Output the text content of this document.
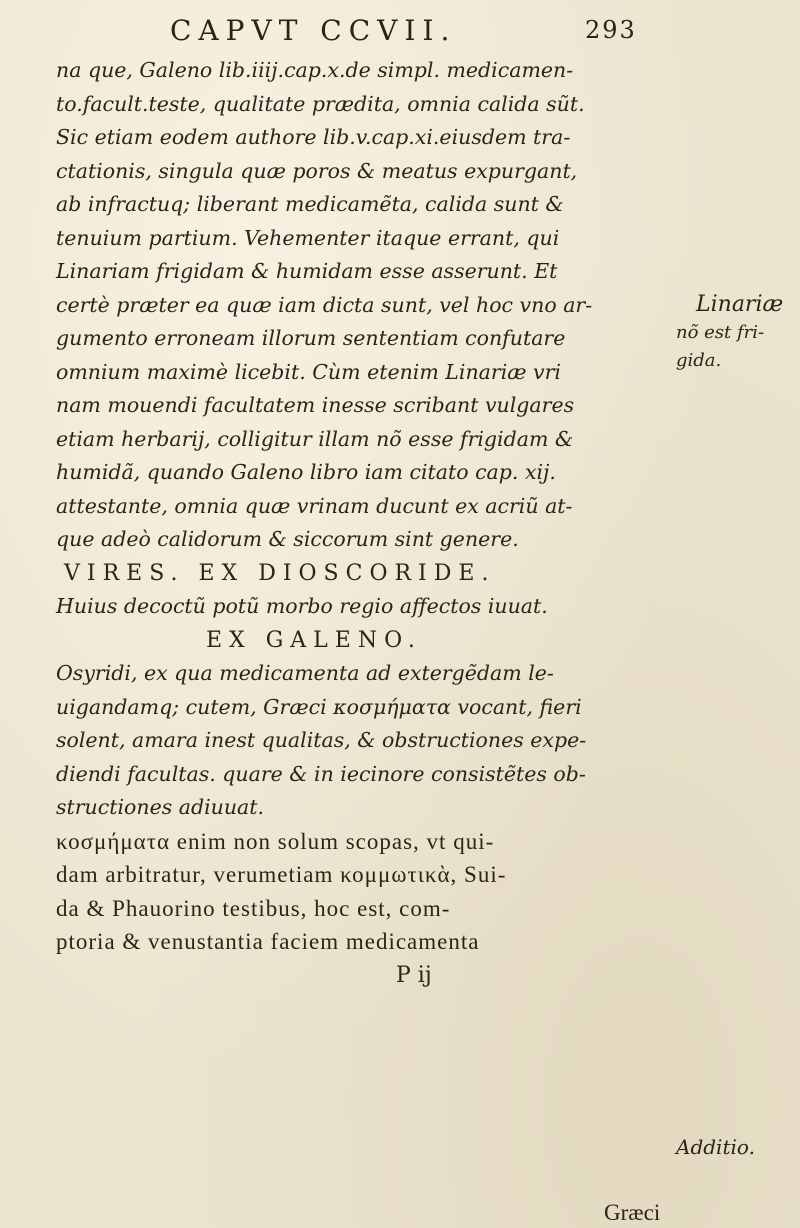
CAPVT CCVII.	293
na que, Galeno lib.iiij.cap.x.de simpl. medicamen-
to.facult.teste, qualitate prædita, omnia calida sũt.
Sic etiam eodem authore lib.v.cap.xi.eiusdem tra-
ctationis, singula quæ poros & meatus expurgant,
ab infractuq; liberant medicamẽta, calida sunt &
tenuium partium. Vehementer itaque errant, qui
Linariam frigidam & humidam esse asserunt. Et
certè præter ea quæ iam dicta sunt, vel hoc vno ar-
gumento erroneam illorum sententiam confutare
omnium maximè licebit. Cùm etenim Linariæ vri
nam mouendi facultatem inesse scribant vulgares
etiam herbarij, colligitur illam nõ esse frigidam &
humidã, quando Galeno libro iam citato cap. xij.
attestante, omnia quæ vrinam ducunt ex acriũ at-
que adeò calidorum & siccorum sint genere.
VIRES. EX DIOSCORIDE.
Huius decoctũ potũ morbo regio affectos iuuat.
EX GALENO.
Osyridi, ex qua medicamenta ad extergẽdam le-
uigandamq; cutem, Græci κοσμήματα vocant, fieri
solent, amara inest qualitas, & obstructiones expe-
diendi facultas. quare & in iecinore consistẽtes ob-
structiones adiuuat.
κοσμήματα enim non solum scopas, vt qui-
dam arbitratur, verumetiam κομμωτικὰ, Sui-
da & Phauorino testibus, hoc est, com-
ptoria & venustantia faciem medicamenta
P ij
Linariæ
nõ est fri-
gida.
Additio.
Græci
